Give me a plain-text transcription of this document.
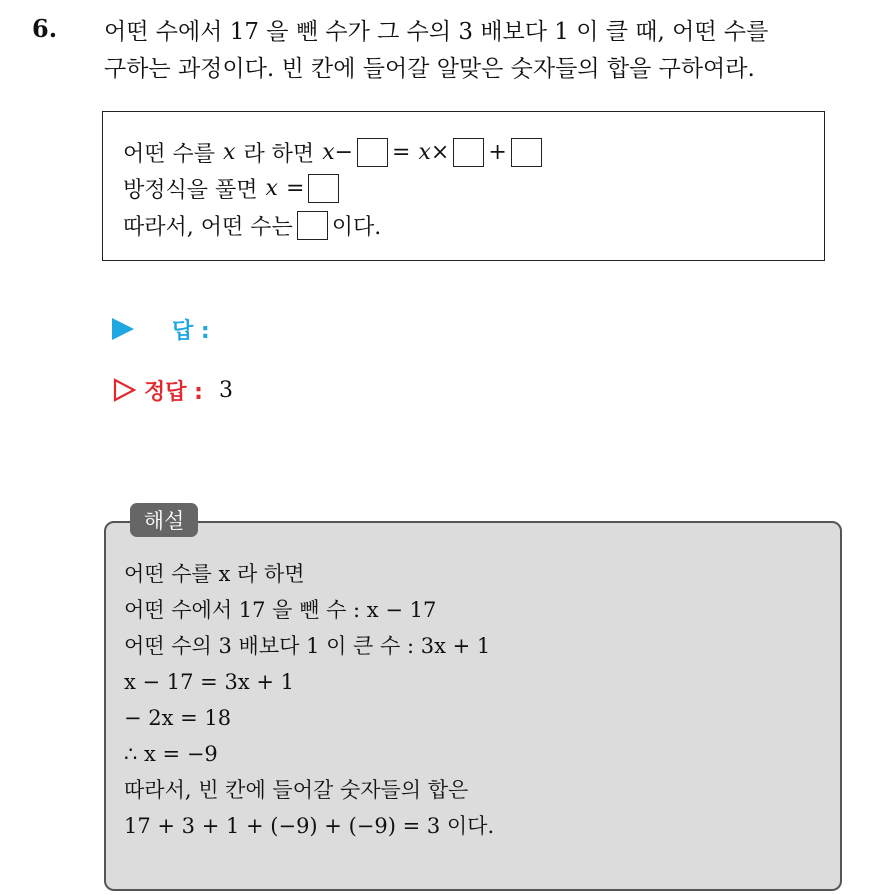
6. 어떤 수에서 17 을 뺀 수가 그 수의 3 배보다 1 이 클 때, 어떤 수를
구하는 과정이다. 빈 칸에 들어갈 알맞은 숫자들의 합을 구하여라.
어떤 수를 x 라 하면 x − = x × +
방정식을 풀면 x =
따라서, 어떤 수는 이다.
답 :
정답 : 3
해설
어떤 수를 x 라 하면
어떤 수에서 17 을 뺀 수 : x − 17
어떤 수의 3 배보다 1 이 큰 수 : 3x + 1
x − 17 = 3x + 1
− 2x = 18
∴ x = −9
따라서, 빈 칸에 들어갈 숫자들의 합은
17 + 3 + 1 + (−9) + (−9) = 3 이다.
